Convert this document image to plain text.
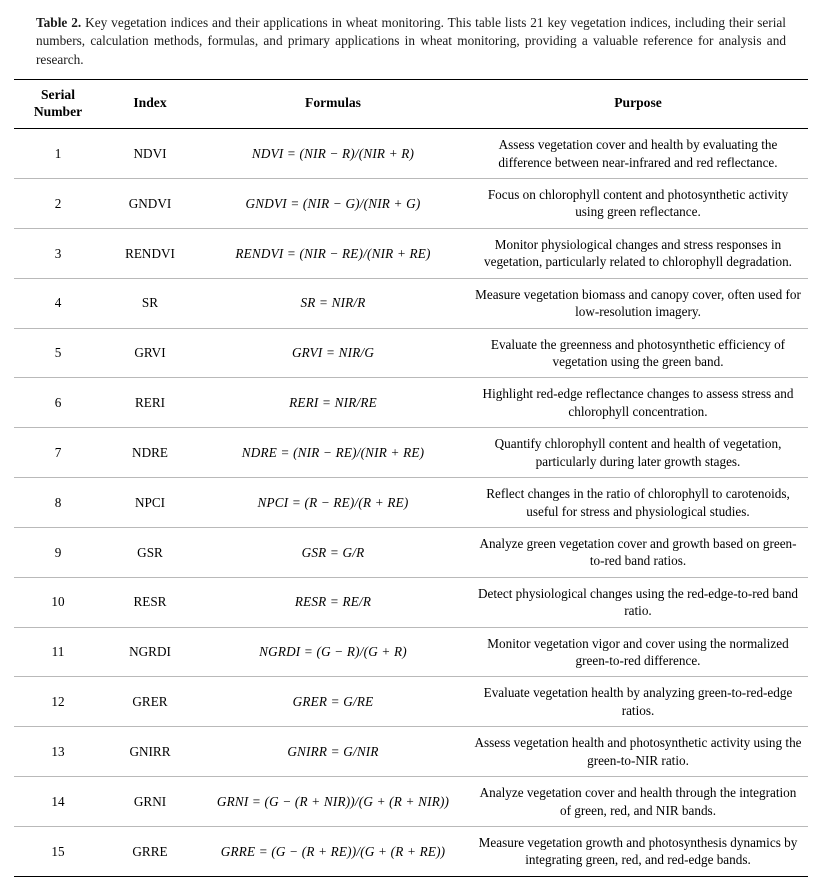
Table 2. Key vegetation indices and their applications in wheat monitoring. This table lists 21 key vegetation indices, including their serial numbers, calculation methods, formulas, and primary applications in wheat monitoring, providing a valuable reference for analysis and research.
Serial
Number	Index	Formulas	Purpose
1	NDVI	NDVI = (NIR − R)/(NIR + R)	Assess vegetation cover and health by evaluating the difference between near-infrared and red reflectance.
2	GNDVI	GNDVI = (NIR − G)/(NIR + G)	Focus on chlorophyll content and photosynthetic activity using green reflectance.
3	RENDVI	RENDVI = (NIR − RE)/(NIR + RE)	Monitor physiological changes and stress responses in vegetation, particularly related to chlorophyll degradation.
4	SR	SR = NIR/R	Measure vegetation biomass and canopy cover, often used for low-resolution imagery.
5	GRVI	GRVI = NIR/G	Evaluate the greenness and photosynthetic efficiency of vegetation using the green band.
6	RERI	RERI = NIR/RE	Highlight red-edge reflectance changes to assess stress and chlorophyll concentration.
7	NDRE	NDRE = (NIR − RE)/(NIR + RE)	Quantify chlorophyll content and health of vegetation, particularly during later growth stages.
8	NPCI	NPCI = (R − RE)/(R + RE)	Reflect changes in the ratio of chlorophyll to carotenoids, useful for stress and physiological studies.
9	GSR	GSR = G/R	Analyze green vegetation cover and growth based on green-to-red band ratios.
10	RESR	RESR = RE/R	Detect physiological changes using the red-edge-to-red band ratio.
11	NGRDI	NGRDI = (G − R)/(G + R)	Monitor vegetation vigor and cover using the normalized green-to-red difference.
12	GRER	GRER = G/RE	Evaluate vegetation health by analyzing green-to-red-edge ratios.
13	GNIRR	GNIRR = G/NIR	Assess vegetation health and photosynthetic activity using the green-to-NIR ratio.
14	GRNI	GRNI = (G − (R + NIR))/(G + (R + NIR))	Analyze vegetation cover and health through the integration of green, red, and NIR bands.
15	GRRE	GRRE = (G − (R + RE))/(G + (R + RE))	Measure vegetation growth and photosynthesis dynamics by integrating green, red, and red-edge bands.
